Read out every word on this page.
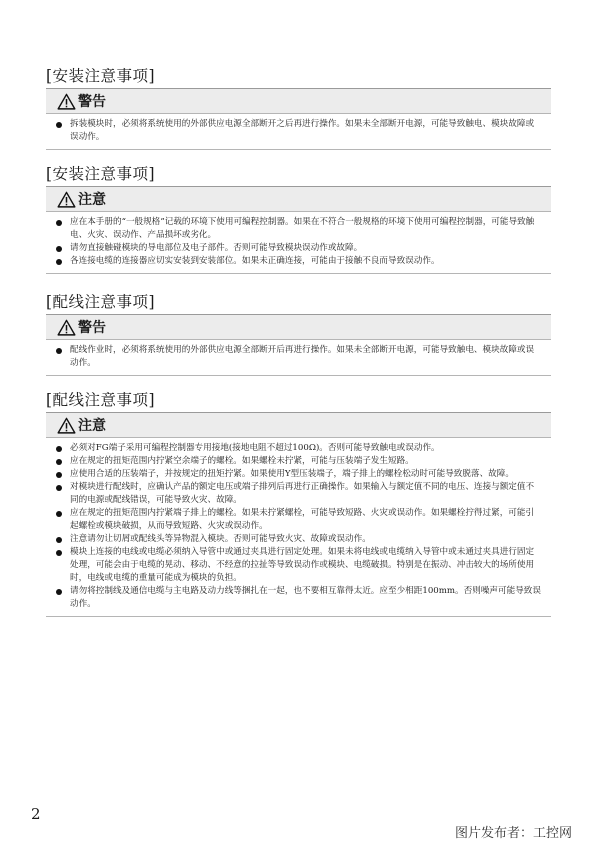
[安装注意事项]
警告
拆装模块时，必须将系统使用的外部供应电源全部断开之后再进行操作。如果未全部断开电源，可能导致触电、模块故障或误动作。
[安装注意事项]
注意
应在本手册的“一般规格”记载的环境下使用可编程控制器。如果在不符合一般规格的环境下使用可编程控制器，可能导致触电、火灾、误动作、产品损坏或劣化。
请勿直接触碰模块的导电部位及电子部件。否则可能导致模块误动作或故障。
各连接电缆的连接器应切实安装到安装部位。如果未正确连接，可能由于接触不良而导致误动作。
[配线注意事项]
警告
配线作业时，必须将系统使用的外部供应电源全部断开后再进行操作。如果未全部断开电源，可能导致触电、模块故障或误动作。
[配线注意事项]
注意
必须对FG端子采用可编程控制器专用接地(接地电阻不超过100Ω)。否则可能导致触电或误动作。
应在规定的扭矩范围内拧紧空余端子的螺栓。如果螺栓未拧紧，可能与压装端子发生短路。
应使用合适的压装端子，并按规定的扭矩拧紧。如果使用Y型压装端子，端子排上的螺栓松动时可能导致脱落、故障。
对模块进行配线时，应确认产品的额定电压或端子排列后再进行正确操作。如果输入与额定值不同的电压、连接与额定值不同的电源或配线错误，可能导致火灾、故障。
应在规定的扭矩范围内拧紧端子排上的螺栓。如果未拧紧螺栓，可能导致短路、火灾或误动作。如果螺栓拧得过紧，可能引起螺栓或模块破损，从而导致短路、火灾或误动作。
注意请勿让切屑或配线头等异物混入模块。否则可能导致火灾、故障或误动作。
模块上连接的电线或电缆必须纳入导管中或通过夹具进行固定处理。如果未将电线或电缆纳入导管中或未通过夹具进行固定处理，可能会由于电缆的晃动、移动、不经意的拉扯等导致误动作或模块、电缆破损。特别是在振动、冲击较大的场所使用时，电线或电缆的重量可能成为模块的负担。
请勿将控制线及通信电缆与主电路及动力线等捆扎在一起，也不要相互靠得太近。应至少相距100mm。否则噪声可能导致误动作。
2
图片发布者：工控网
